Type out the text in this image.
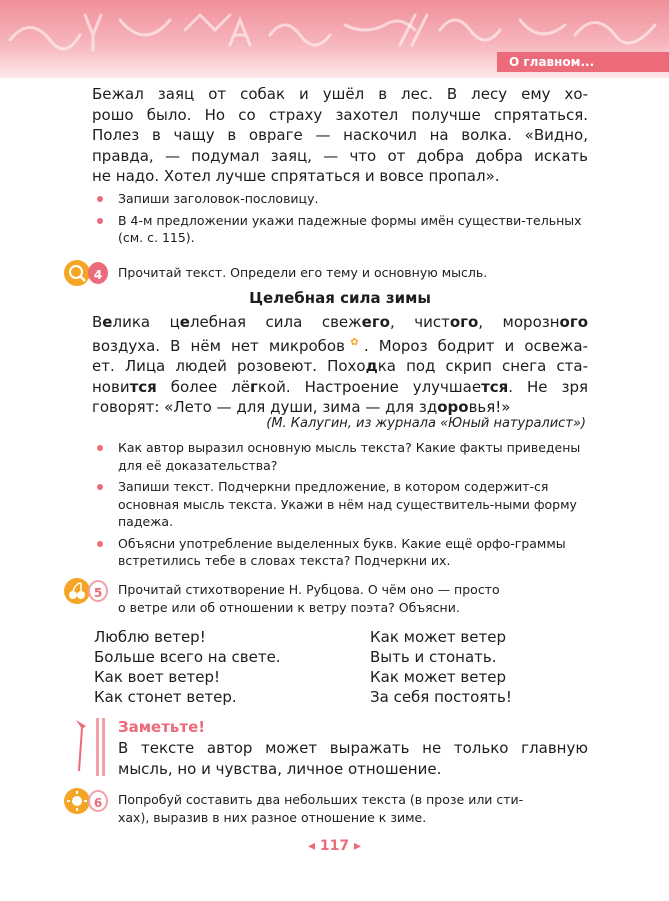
О главном...
Бежал заяц от собак и ушёл в лес. В лесу ему хо-
рошо было. Но со страху захотел получше спрятаться.
Полез в чащу в овраге — наскочил на волка. «Видно,
правда, — подумал заяц, — что от добра добра искать
не надо. Хотел лучше спрятаться и вовсе пропал».
Запиши заголовок-пословицу.
В 4-м предложении укажи падежные формы имён существи-тельных (см. с. 115).
4	Прочитай текст. Определи его тему и основную мысль.
Целебная сила зимы
Велика целебная сила свежего, чистого, морозного
воздуха. В нём нет микробов✿. Мороз бодрит и освежа-
ет. Лица людей розовеют. Походка под скрип снега ста-
новится более лёгкой. Настроение улучшается. Не зря
говорят: «Лето — для души, зима — для здоровья!»
(М. Калугин, из журнала «Юный натуралист»)
Как автор выразил основную мысль текста? Какие факты приведены для её доказательства?
Запиши текст. Подчеркни предложение, в котором содержит-ся основная мысль текста. Укажи в нём над существитель-ными форму падежа.
Объясни употребление выделенных букв. Какие ещё орфо-граммы встретились тебе в словах текста? Подчеркни их.
5	Прочитай стихотворение Н. Рубцова. О чём оно — просто
о ветре или об отношении к ветру поэта? Объясни.
Люблю ветер!
Больше всего на свете.
Как воет ветер!
Как стонет ветер.
Как может ветер
Выть и стонать.
Как может ветер
За себя постоять!
Заметьте!
В тексте автор может выражать не только главную
мысль, но и чувства, личное отношение.
6	Попробуй составить два небольших текста (в прозе или сти-
хах), выразив в них разное отношение к зиме.
◂ 117 ▸
